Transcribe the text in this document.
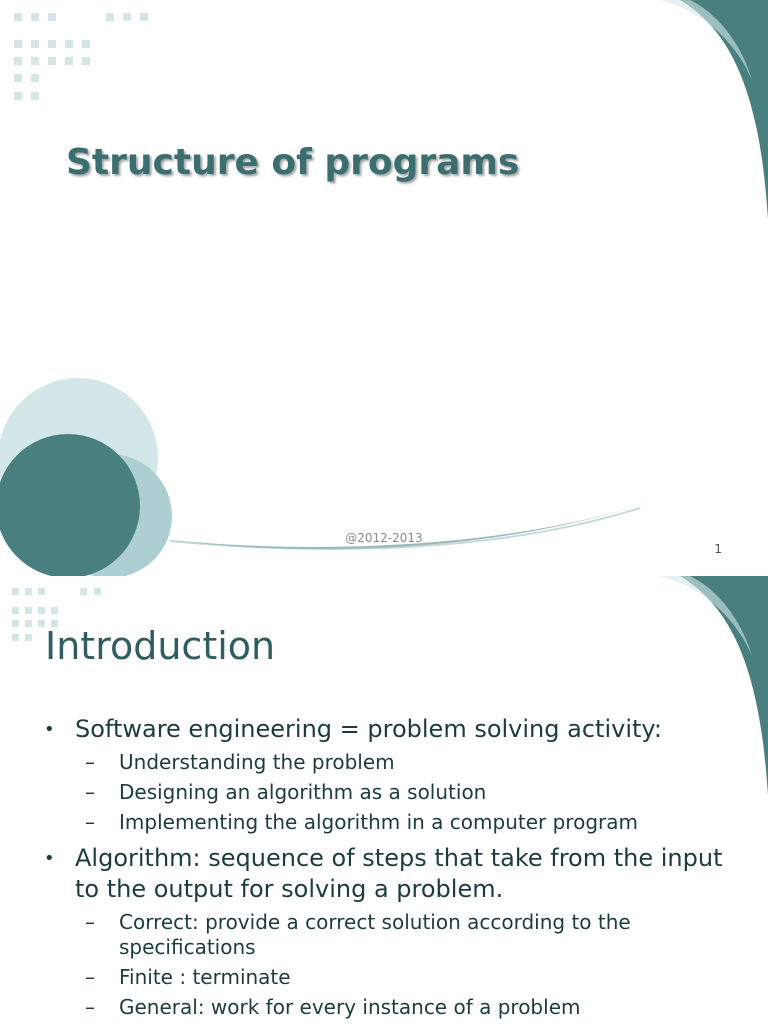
Structure of programs
@2012-2013
1
Introduction
• Software engineering = problem solving activity:
– Understanding the problem
– Designing an algorithm as a solution
– Implementing the algorithm in a computer program
• Algorithm: sequence of steps that take from the input to the output for solving a problem.
– Correct: provide a correct solution according to the specifications
– Finite : terminate
– General: work for every instance of a problem
